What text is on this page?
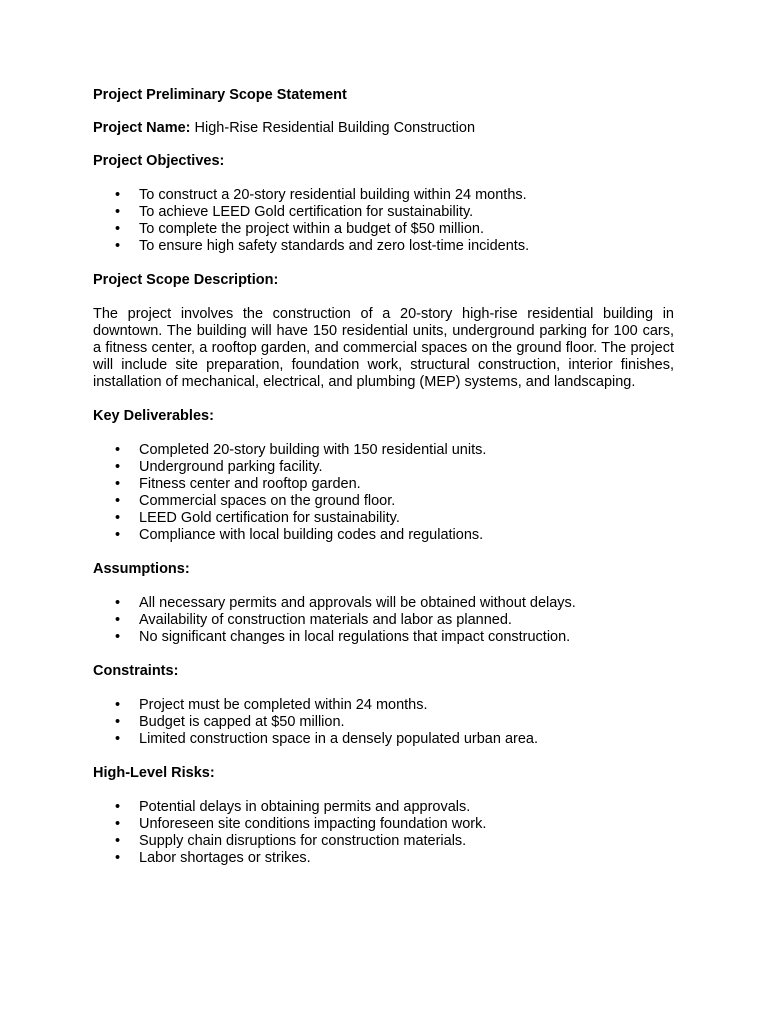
Project Preliminary Scope Statement
Project Name: High-Rise Residential Building Construction
Project Objectives:
• To construct a 20-story residential building within 24 months.
• To achieve LEED Gold certification for sustainability.
• To complete the project within a budget of $50 million.
• To ensure high safety standards and zero lost-time incidents.
Project Scope Description:
The project involves the construction of a 20-story high-rise residential building in downtown. The building will have 150 residential units, underground parking for 100 cars, a fitness center, a rooftop garden, and commercial spaces on the ground floor. The project will include site preparation, foundation work, structural construction, interior finishes, installation of mechanical, electrical, and plumbing (MEP) systems, and landscaping.
Key Deliverables:
• Completed 20-story building with 150 residential units.
• Underground parking facility.
• Fitness center and rooftop garden.
• Commercial spaces on the ground floor.
• LEED Gold certification for sustainability.
• Compliance with local building codes and regulations.
Assumptions:
• All necessary permits and approvals will be obtained without delays.
• Availability of construction materials and labor as planned.
• No significant changes in local regulations that impact construction.
Constraints:
• Project must be completed within 24 months.
• Budget is capped at $50 million.
• Limited construction space in a densely populated urban area.
High-Level Risks:
• Potential delays in obtaining permits and approvals.
• Unforeseen site conditions impacting foundation work.
• Supply chain disruptions for construction materials.
• Labor shortages or strikes.
